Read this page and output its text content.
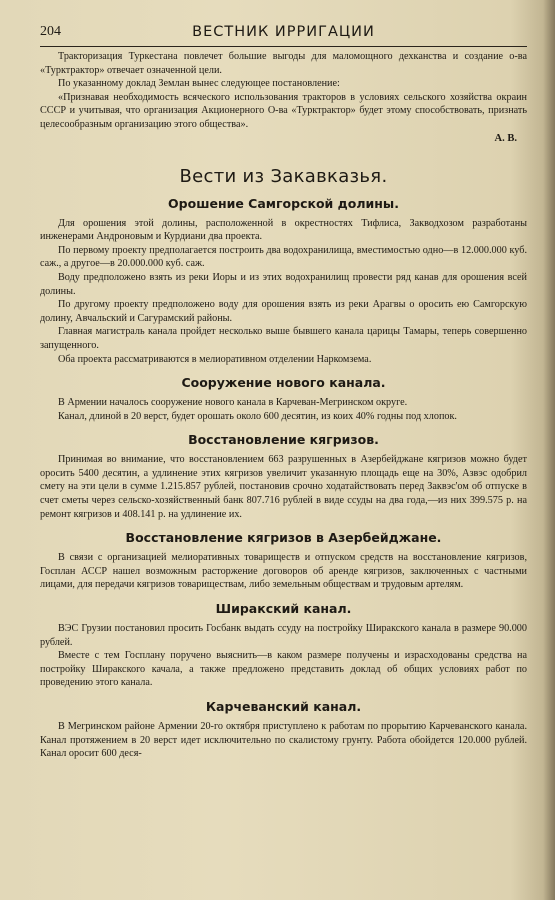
204	ВЕСТНИК ИРРИГАЦИИ

Тракторизация Туркестана повлечет большие выгоды для маломощного дехканства и создание о-ва «Турктрактор» отвечает означенной цели.

По указанному доклад Землан вынес следующее постановление:

«Признавая необходимость всяческого использования тракторов в условиях сельского хозяйства окраин СССР и учитывая, что организация Акционерного О-ва «Турктрактор» будет этому способствовать, признать целесообразным организацию этого общества».

А. В.
Вести из Закавказья.
Орошение Самгорской долины.

Для орошения этой долины, расположенной в окрестностях Тифлиса, Закводхозом разработаны инженерами Андроновым и Курдиани два проекта.

По первому проекту предполагается построить два водохранилища, вместимостью одно—в 12.000.000 куб. саж., а другое—в 20.000.000 куб. саж.

Воду предположено взять из реки Иоры и из этих водохранилищ провести ряд канав для орошения всей долины.

По другому проекту предположено воду для орошения взять из реки Арагвы о оросить ею Самгорскую долину, Авчальский и Сагурамский районы.

Главная магистраль канала пройдет несколько выше бывшего канала царицы Тамары, теперь совершенно запущенного.

Оба проекта рассматриваются в мелиоративном отделении Наркомзема.

Сооружение нового канала.

В Армении началось сооружение нового канала в Карчеван-Мегринском округе.

Канал, длиной в 20 верст, будет орошать около 600 десятин, из коих 40% годны под хлопок.

Восстановление кягризов.

Принимая во внимание, что восстановлением 663 разрушенных в Азербейджане кягризов можно будет оросить 5400 десятин, а удлинение этих кягризов увеличит указанную площадь еще на 30%, Азвэс одобрил смету на эти цели в сумме 1.215.857 рублей, постановив срочно ходатайствовать перед Заквэс'ом об отпуске в счет сметы через сельско-хозяйственный банк 807.716 рублей в виде ссуды на два года,—из них 399.575 р. на ремонт кягризов и 408.141 р. на удлинение их.

Восстановление кягризов в Азербейджане.

В связи с организацией мелиоративных товариществ и отпуском средств на восстановление кягризов, Госплан АССР нашел возможным расторжение договоров об аренде кягризов, заключенных с частными лицами, для передачи кягризов товариществам, либо земельным обществам и трудовым артелям.

Ширакский канал.

ВЭС Грузии постановил просить Госбанк выдать ссуду на постройку Ширакского канала в размере 90.000 рублей.

Вместе с тем Госплану поручено выяснить—в каком размере получены и израсходованы средства на постройку Ширакского качала, а также предложено представить доклад об общих условиях работ по проведению этого канала.

Карчеванский канал.

В Мегринском районе Армении 20-го октября приступлено к работам по прорытию Карчеванского канала. Канал протяжением в 20 верст идет исключительно по скалистому грунту. Работа обойдется 120.000 рублей. Канал оросит 600 деся-
